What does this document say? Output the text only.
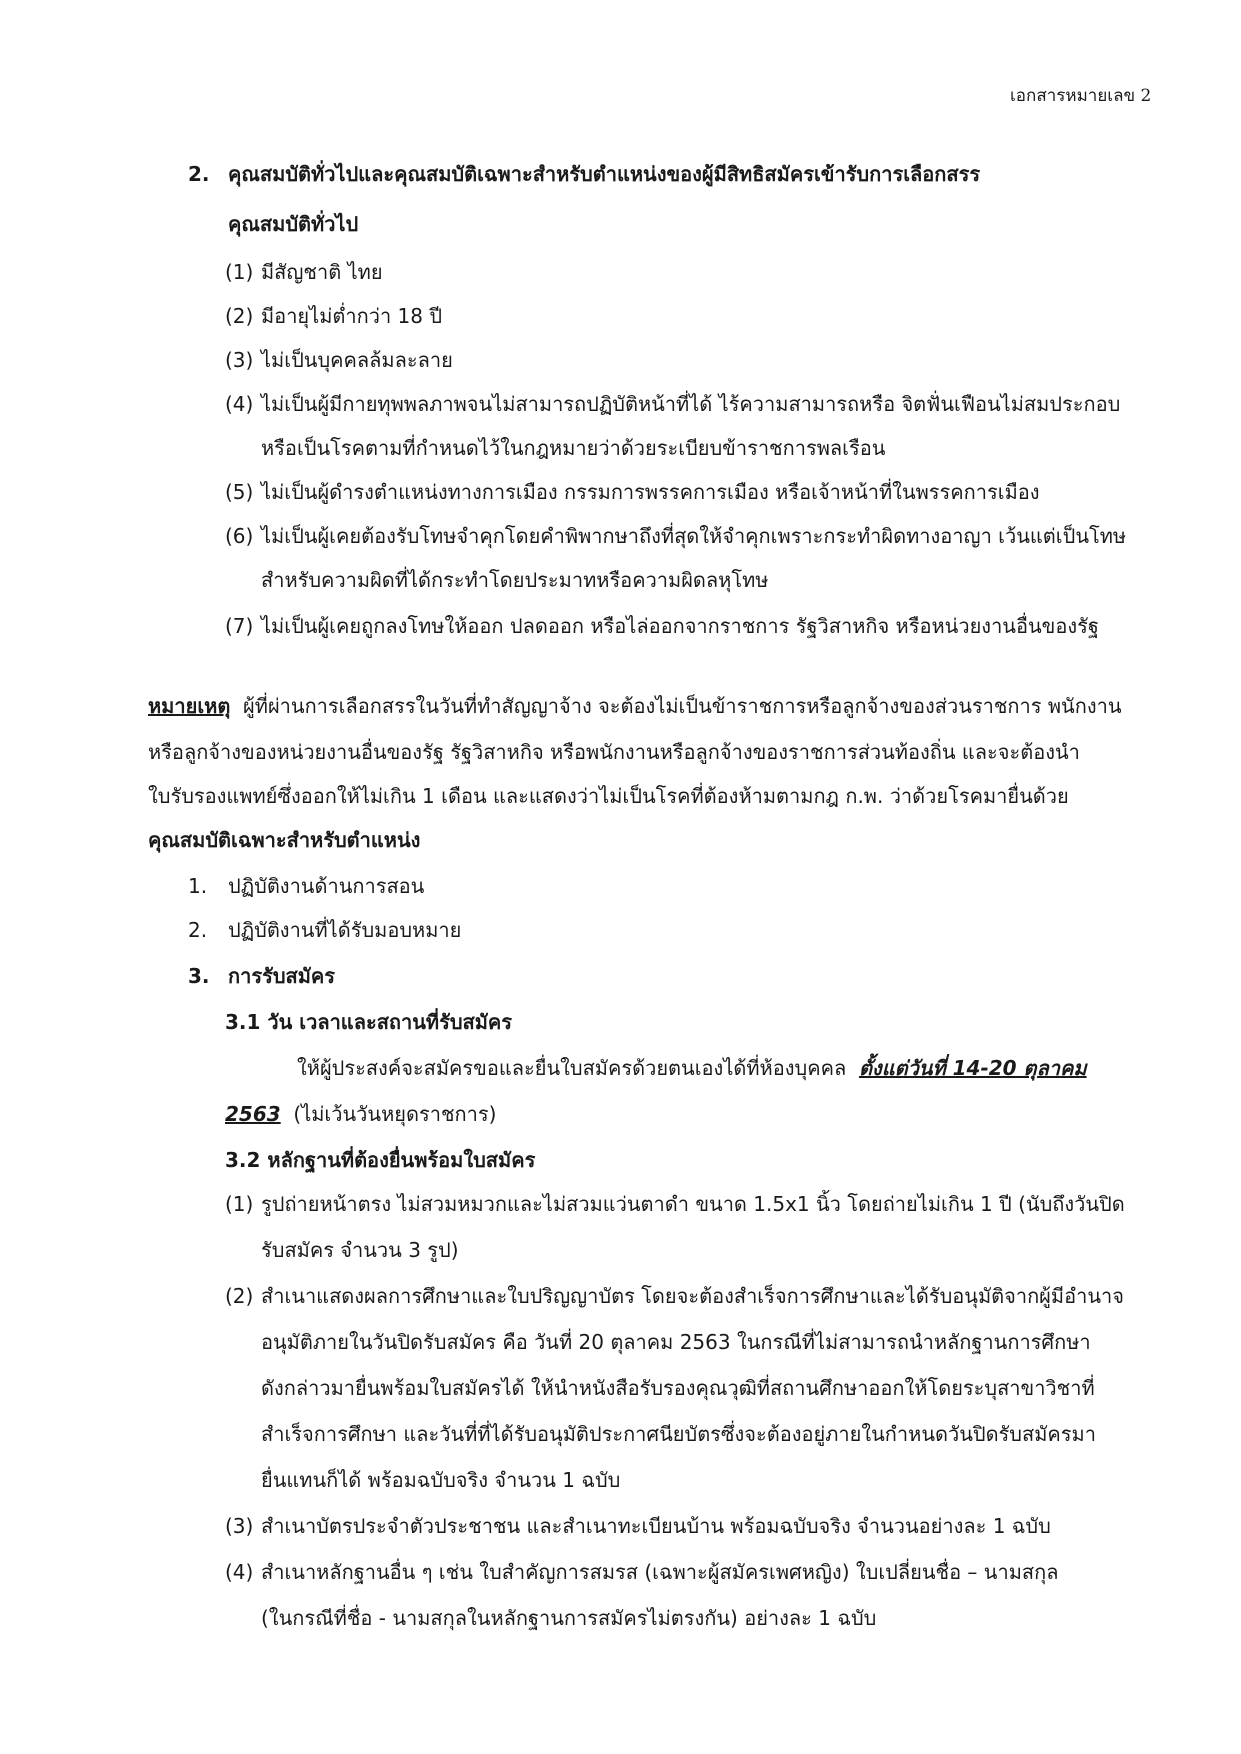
เอกสารหมายเลข 2
2. คุณสมบัติทั่วไปและคุณสมบัติเฉพาะสำหรับตำแหน่งของผู้มีสิทธิสมัครเข้ารับการเลือกสรร
คุณสมบัติทั่วไป
(1) มีสัญชาติ ไทย
(2) มีอายุไม่ต่ำกว่า 18 ปี
(3) ไม่เป็นบุคคลล้มละลาย
(4) ไม่เป็นผู้มีกายทุพพลภาพจนไม่สามารถปฏิบัติหน้าที่ได้ ไร้ความสามารถหรือ จิตฟั่นเฟือนไม่สมประกอบ
หรือเป็นโรคตามที่กำหนดไว้ในกฎหมายว่าด้วยระเบียบข้าราชการพลเรือน
(5) ไม่เป็นผู้ดำรงตำแหน่งทางการเมือง กรรมการพรรคการเมือง หรือเจ้าหน้าที่ในพรรคการเมือง
(6) ไม่เป็นผู้เคยต้องรับโทษจำคุกโดยคำพิพากษาถึงที่สุดให้จำคุกเพราะกระทำผิดทางอาญา เว้นแต่เป็นโทษ
สำหรับความผิดที่ได้กระทำโดยประมาทหรือความผิดลหุโทษ
(7) ไม่เป็นผู้เคยถูกลงโทษให้ออก ปลดออก หรือไล่ออกจากราชการ รัฐวิสาหกิจ หรือหน่วยงานอื่นของรัฐ
หมายเหตุ ผู้ที่ผ่านการเลือกสรรในวันที่ทำสัญญาจ้าง จะต้องไม่เป็นข้าราชการหรือลูกจ้างของส่วนราชการ พนักงาน
หรือลูกจ้างของหน่วยงานอื่นของรัฐ รัฐวิสาหกิจ หรือพนักงานหรือลูกจ้างของราชการส่วนท้องถิ่น และจะต้องนำ
ใบรับรองแพทย์ซึ่งออกให้ไม่เกิน 1 เดือน และแสดงว่าไม่เป็นโรคที่ต้องห้ามตามกฎ ก.พ. ว่าด้วยโรคมายื่นด้วย
คุณสมบัติเฉพาะสำหรับตำแหน่ง
1. ปฏิบัติงานด้านการสอน
2. ปฏิบัติงานที่ได้รับมอบหมาย
3. การรับสมัคร
3.1 วัน เวลาและสถานที่รับสมัคร
ให้ผู้ประสงค์จะสมัครขอและยื่นใบสมัครด้วยตนเองได้ที่ห้องบุคคล ตั้งแต่วันที่ 14-20 ตุลาคม
2563 (ไม่เว้นวันหยุดราชการ)
3.2 หลักฐานที่ต้องยื่นพร้อมใบสมัคร
(1) รูปถ่ายหน้าตรง ไม่สวมหมวกและไม่สวมแว่นตาดำ ขนาด 1.5x1 นิ้ว โดยถ่ายไม่เกิน 1 ปี (นับถึงวันปิด
รับสมัคร จำนวน 3 รูป)
(2) สำเนาแสดงผลการศึกษาและใบปริญญาบัตร โดยจะต้องสำเร็จการศึกษาและได้รับอนุมัติจากผู้มีอำนาจ
อนุมัติภายในวันปิดรับสมัคร คือ วันที่ 20 ตุลาคม 2563 ในกรณีที่ไม่สามารถนำหลักฐานการศึกษา
ดังกล่าวมายื่นพร้อมใบสมัครได้ ให้นำหนังสือรับรองคุณวุฒิที่สถานศึกษาออกให้โดยระบุสาขาวิชาที่
สำเร็จการศึกษา และวันที่ที่ได้รับอนุมัติประกาศนียบัตรซึ่งจะต้องอยู่ภายในกำหนดวันปิดรับสมัครมา
ยื่นแทนก็ได้ พร้อมฉบับจริง จำนวน 1 ฉบับ
(3) สำเนาบัตรประจำตัวประชาชน และสำเนาทะเบียนบ้าน พร้อมฉบับจริง จำนวนอย่างละ 1 ฉบับ
(4) สำเนาหลักฐานอื่น ๆ เช่น ใบสำคัญการสมรส (เฉพาะผู้สมัครเพศหญิง) ใบเปลี่ยนชื่อ – นามสกุล
(ในกรณีที่ชื่อ - นามสกุลในหลักฐานการสมัครไม่ตรงกัน) อย่างละ 1 ฉบับ
